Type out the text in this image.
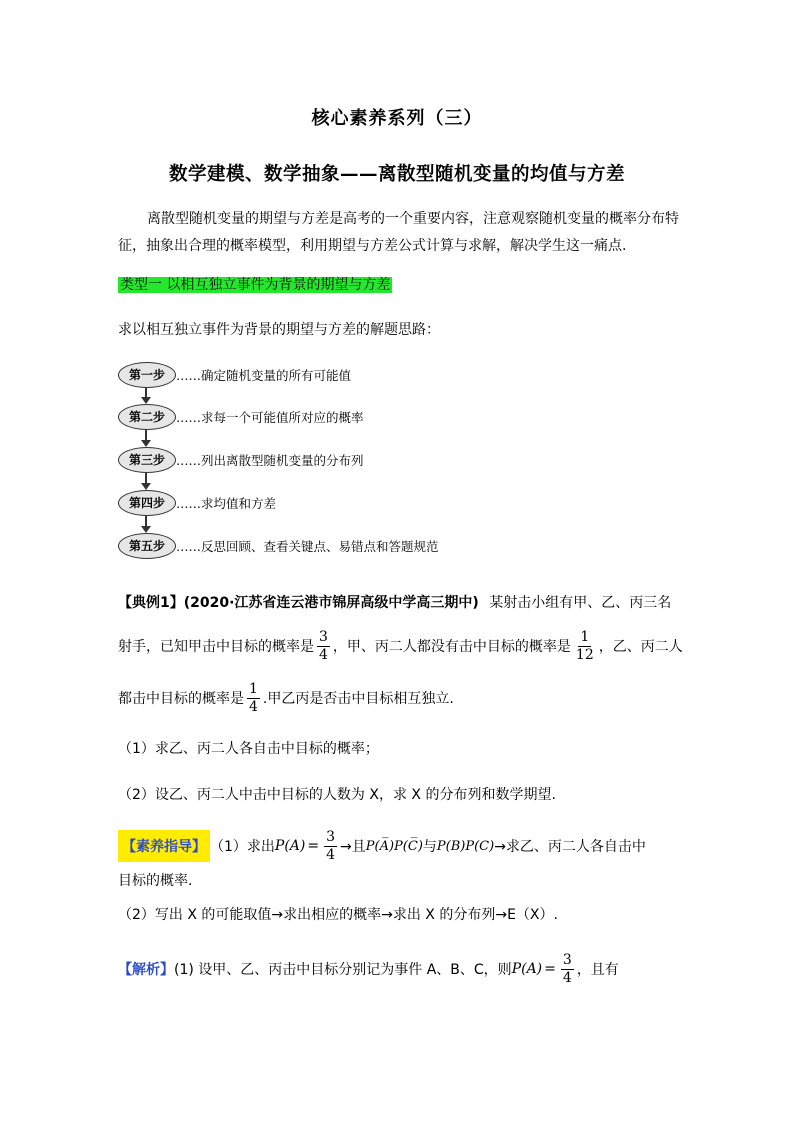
核心素养系列（三）
数学建模、数学抽象——离散型随机变量的均值与方差
离散型随机变量的期望与方差是高考的一个重要内容，注意观察随机变量的概率分布特
征，抽象出合理的概率模型，利用期望与方差公式计算与求解，解决学生这一痛点.
类型一 以相互独立事件为背景的期望与方差
求以相互独立事件为背景的期望与方差的解题思路：
第一步 ……确定随机变量的所有可能值
第二步 ……求每一个可能值所对应的概率
第三步 ……列出离散型随机变量的分布列
第四步 ……求均值和方差
第五步 ……反思回顾、查看关键点、易错点和答题规范
【典例1】(2020·江苏省连云港市锦屏高级中学高三期中) 某射击小组有甲、乙、丙三名
射手，已知甲击中目标的概率是 $\frac{3}{4}$ ，甲、丙二人都没有击中目标的概率是 $\frac{1}{12}$ ，乙、丙二人
都击中目标的概率是 $\frac{1}{4}$ .甲乙丙是否击中目标相互独立.
（1）求乙、丙二人各自击中目标的概率；
（2）设乙、丙二人中击中目标的人数为 X，求 X 的分布列和数学期望.
【素养指导】 （1）求出 $P(A) = \frac{3}{4}$ →且 P(A̅)P(C̅) 与 P(B)P(C) →求乙、丙二人各自击中
目标的概率.
（2）写出 X 的可能取值→求出相应的概率→求出 X 的分布列→E（X）.
【解析】 (1) 设甲、乙、丙击中目标分别记为事件 A、B、C，则 $P(A) = \frac{3}{4}$ ，且有
